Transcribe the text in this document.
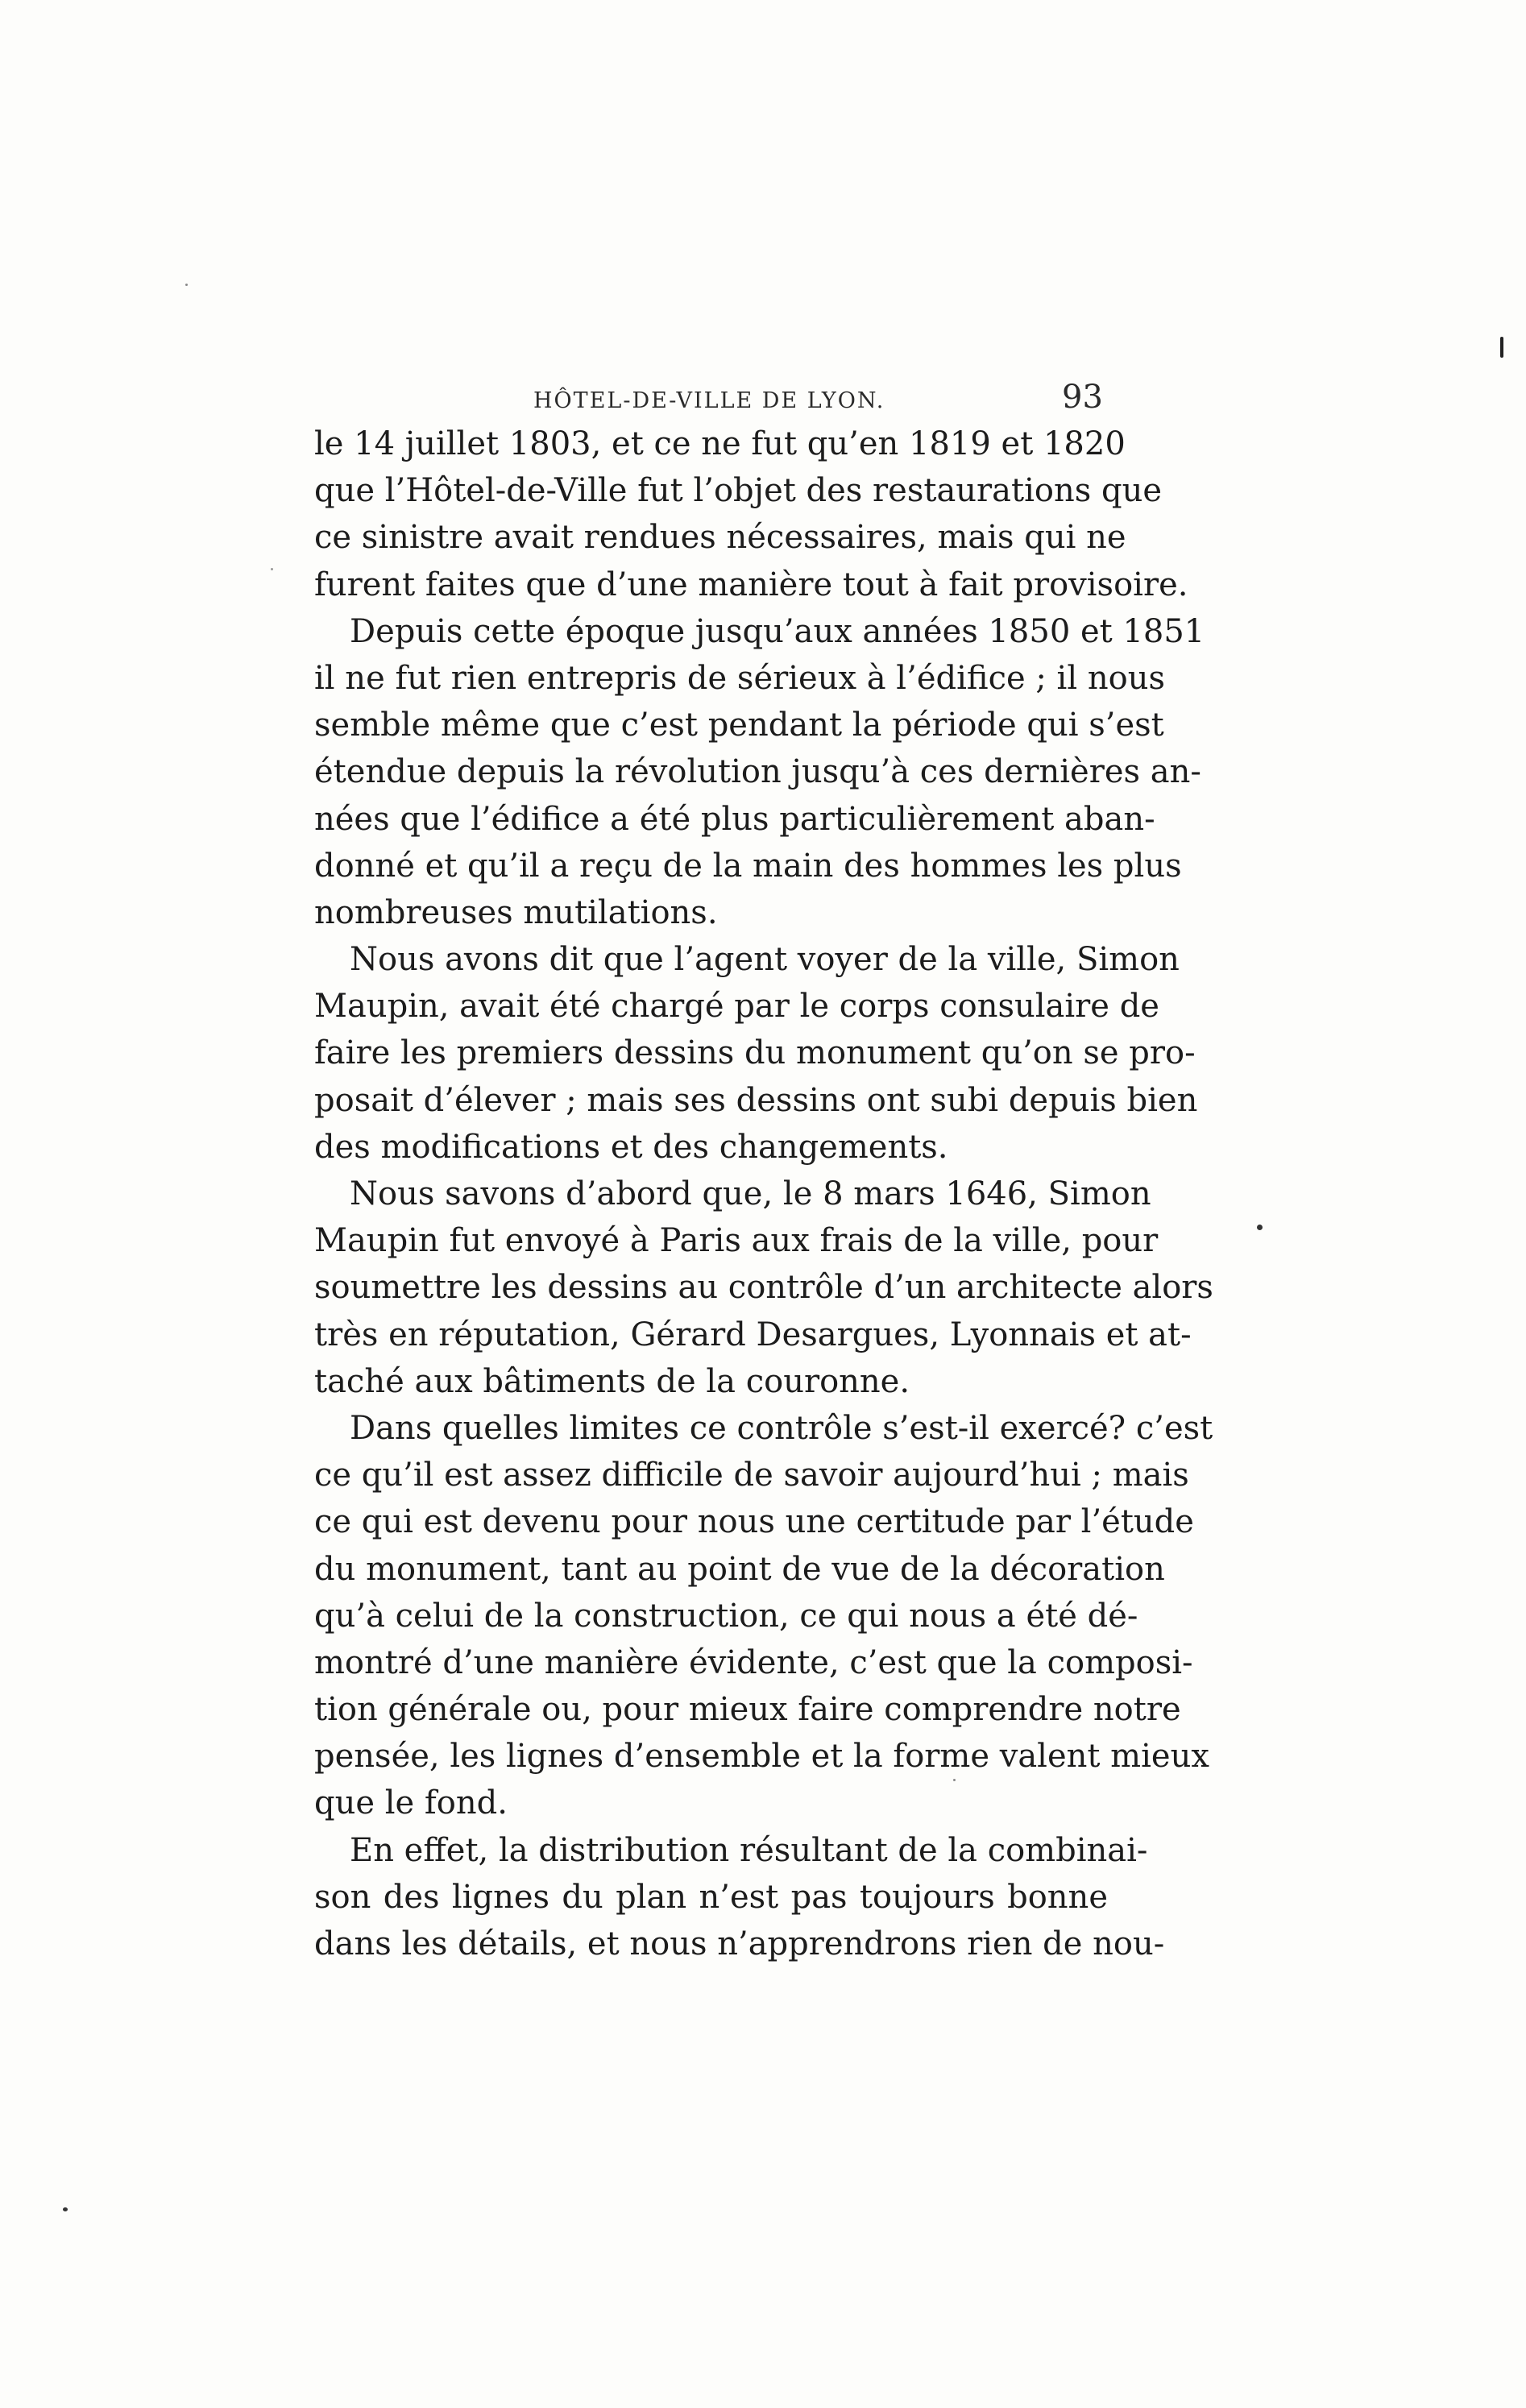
HÔTEL-DE-VILLE DE LYON.	93
le 14 juillet 1803, et ce ne fut qu’en 1819 et 1820
que l’Hôtel-de-Ville fut l’objet des restaurations que
ce sinistre avait rendues nécessaires, mais qui ne
furent faites que d’une manière tout à fait provisoire.
Depuis cette époque jusqu’aux années 1850 et 1851
il ne fut rien entrepris de sérieux à l’édifice ; il nous
semble même que c’est pendant la période qui s’est
étendue depuis la révolution jusqu’à ces dernières an-
nées que l’édifice a été plus particulièrement aban-
donné et qu’il a reçu de la main des hommes les plus
nombreuses mutilations.
Nous avons dit que l’agent voyer de la ville, Simon
Maupin, avait été chargé par le corps consulaire de
faire les premiers dessins du monument qu’on se pro-
posait d’élever ; mais ses dessins ont subi depuis bien
des modifications et des changements.
Nous savons d’abord que, le 8 mars 1646, Simon
Maupin fut envoyé à Paris aux frais de la ville, pour
soumettre les dessins au contrôle d’un architecte alors
très en réputation, Gérard Desargues, Lyonnais et at-
taché aux bâtiments de la couronne.
Dans quelles limites ce contrôle s’est-il exercé? c’est
ce qu’il est assez difficile de savoir aujourd’hui ; mais
ce qui est devenu pour nous une certitude par l’étude
du monument, tant au point de vue de la décoration
qu’à celui de la construction, ce qui nous a été dé-
montré d’une manière évidente, c’est que la composi-
tion générale ou, pour mieux faire comprendre notre
pensée, les lignes d’ensemble et la forme valent mieux
que le fond.
En effet, la distribution résultant de la combinai-
son des lignes du plan n’est pas toujours bonne
dans les détails, et nous n’apprendrons rien de nou-
